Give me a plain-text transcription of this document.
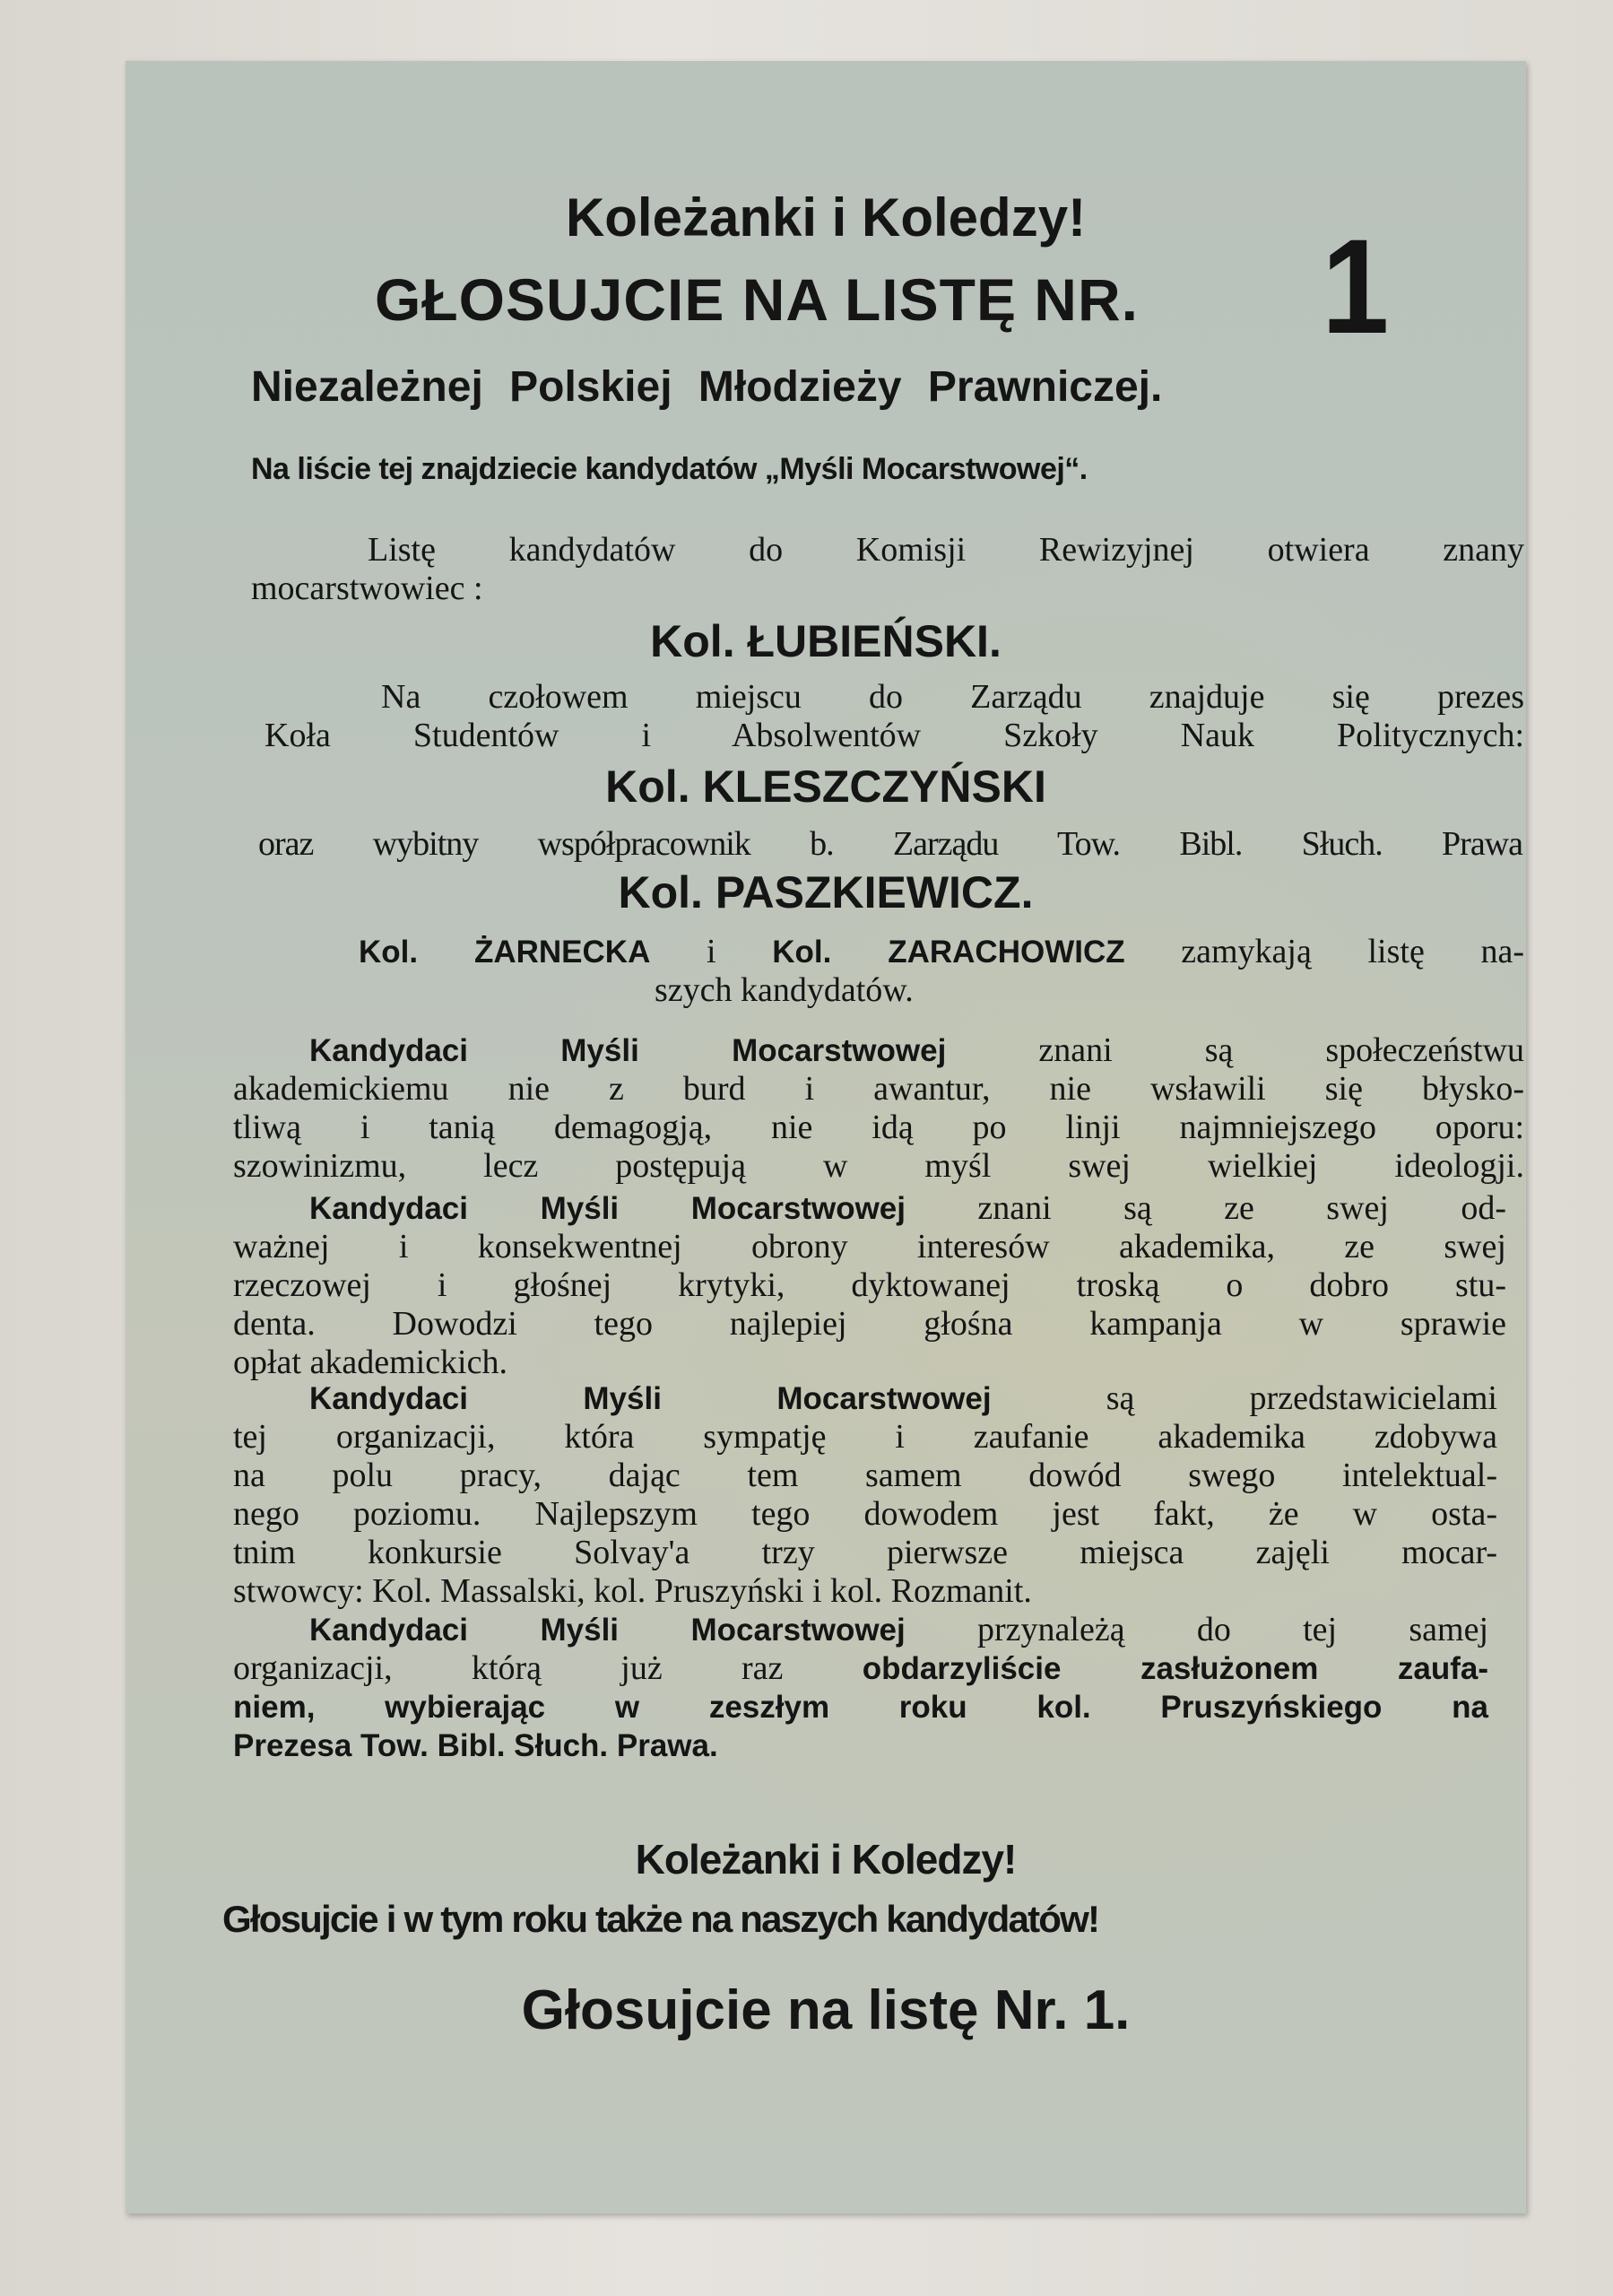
Koleżanki i Koledzy!
GŁOSUJCIE NA LISTĘ NR. 1
Niezależnej Polskiej Młodzieży Prawniczej.
Na liście tej znajdziecie kandydatów „Myśli Mocarstwowej“.
Listę kandydatów do Komisji Rewizyjnej otwiera znany
mocarstwowiec :
Kol. ŁUBIEŃSKI.
Na czołowem miejscu do Zarządu znajduje się prezes
Koła Studentów i Absolwentów Szkoły Nauk Politycznych:
Kol. KLESZCZYŃSKI
oraz wybitny współpracownik b. Zarządu Tow. Bibl. Słuch. Prawa
Kol. PASZKIEWICZ.
Kol. ŻARNECKA i Kol. ZARACHOWICZ zamykają listę na-
szych kandydatów.
Kandydaci Myśli Mocarstwowej	znani są społeczeństwu
akademickiemu nie z burd i awantur, nie wsławili się błysko-
tliwą i tanią demagogją, nie idą po linji najmniejszego oporu:
szowinizmu, lecz postępują w myśl swej wielkiej ideologji.
Kandydaci Myśli Mocarstwowej znani są ze swej od-
ważnej i konsekwentnej obrony interesów akademika, ze swej
rzeczowej i głośnej krytyki, dyktowanej troską o dobro stu-
denta. Dowodzi tego najlepiej głośna kampanja w sprawie
opłat akademickich.
Kandydaci Myśli Mocarstwowej	są przedstawicielami
tej organizacji, która sympatję i zaufanie akademika zdobywa
na polu pracy, dając tem samem dowód swego intelektual-
nego poziomu. Najlepszym tego dowodem jest fakt, że w osta-
tnim konkursie Solvay'a trzy pierwsze miejsca zajęli mocar-
stwowcy: Kol. Massalski, kol. Pruszyński i kol. Rozmanit.
Kandydaci Myśli Mocarstwowej przynależą do tej samej
organizacji, którą już raz	obdarzyliście zasłużonem zaufa-
niem, wybierając w zeszłym roku kol. Pruszyńskiego na
Prezesa Tow. Bibl. Słuch. Prawa.
Koleżanki i Koledzy!
Głosujcie i w tym roku także na naszych kandydatów!
Głosujcie na listę Nr. 1.
